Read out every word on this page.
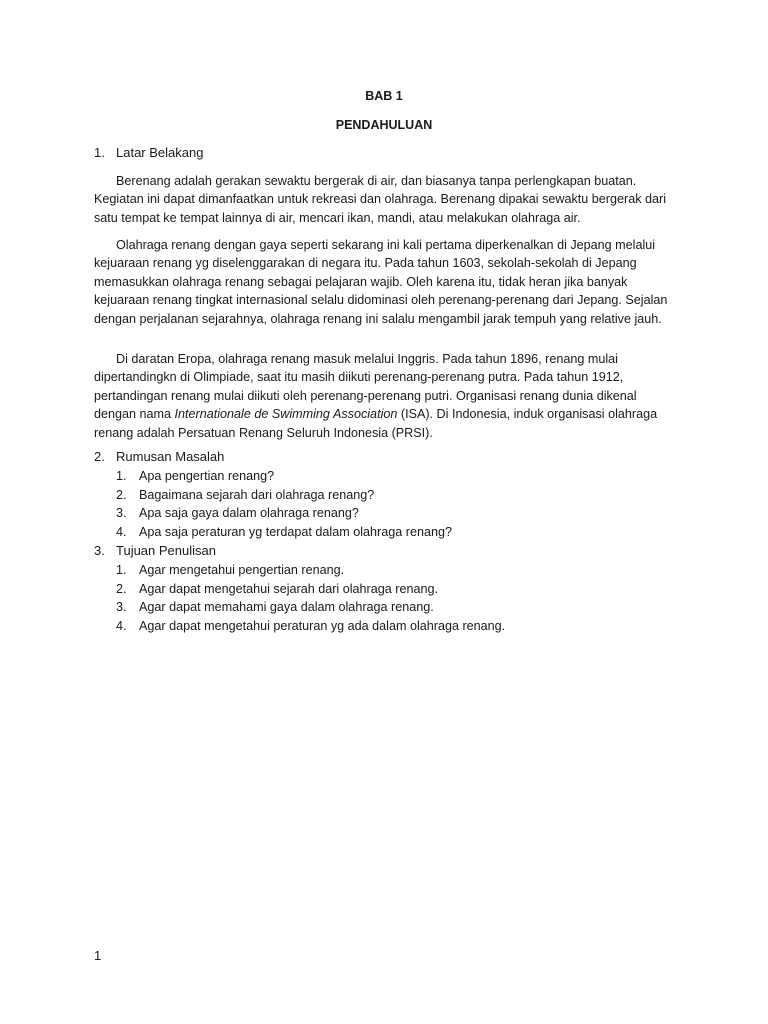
BAB 1
PENDAHULUAN
1. Latar Belakang

Berenang adalah gerakan sewaktu bergerak di air, dan biasanya tanpa perlengkapan buatan. Kegiatan ini dapat dimanfaatkan untuk rekreasi dan olahraga. Berenang dipakai sewaktu bergerak dari satu tempat ke tempat lainnya di air, mencari ikan, mandi, atau melakukan olahraga air.

Olahraga renang dengan gaya seperti sekarang ini kali pertama diperkenalkan di Jepang melalui kejuaraan renang yg diselenggarakan di negara itu. Pada tahun 1603, sekolah-sekolah di Jepang memasukkan olahraga renang sebagai pelajaran wajib. Oleh karena itu, tidak heran jika banyak kejuaraan renang tingkat internasional selalu didominasi oleh perenang-perenang dari Jepang. Sejalan dengan perjalanan sejarahnya, olahraga renang ini salalu mengambil jarak tempuh yang relative jauh.

Di daratan Eropa, olahraga renang masuk melalui Inggris. Pada tahun 1896, renang mulai dipertandingkn di Olimpiade, saat itu masih diikuti perenang-perenang putra. Pada tahun 1912, pertandingan renang mulai diikuti oleh perenang-perenang putri. Organisasi renang dunia dikenal dengan nama Internationale de Swimming Association (ISA). Di Indonesia, induk organisasi olahraga renang adalah Persatuan Renang Seluruh Indonesia (PRSI).

2. Rumusan Masalah
1. Apa pengertian renang?
2. Bagaimana sejarah dari olahraga renang?
3. Apa saja gaya dalam olahraga renang?
4. Apa saja peraturan yg terdapat dalam olahraga renang?
3. Tujuan Penulisan
1. Agar mengetahui pengertian renang.
2. Agar dapat mengetahui sejarah dari olahraga renang.
3. Agar dapat memahami gaya dalam olahraga renang.
4. Agar dapat mengetahui peraturan yg ada dalam olahraga renang.
1
